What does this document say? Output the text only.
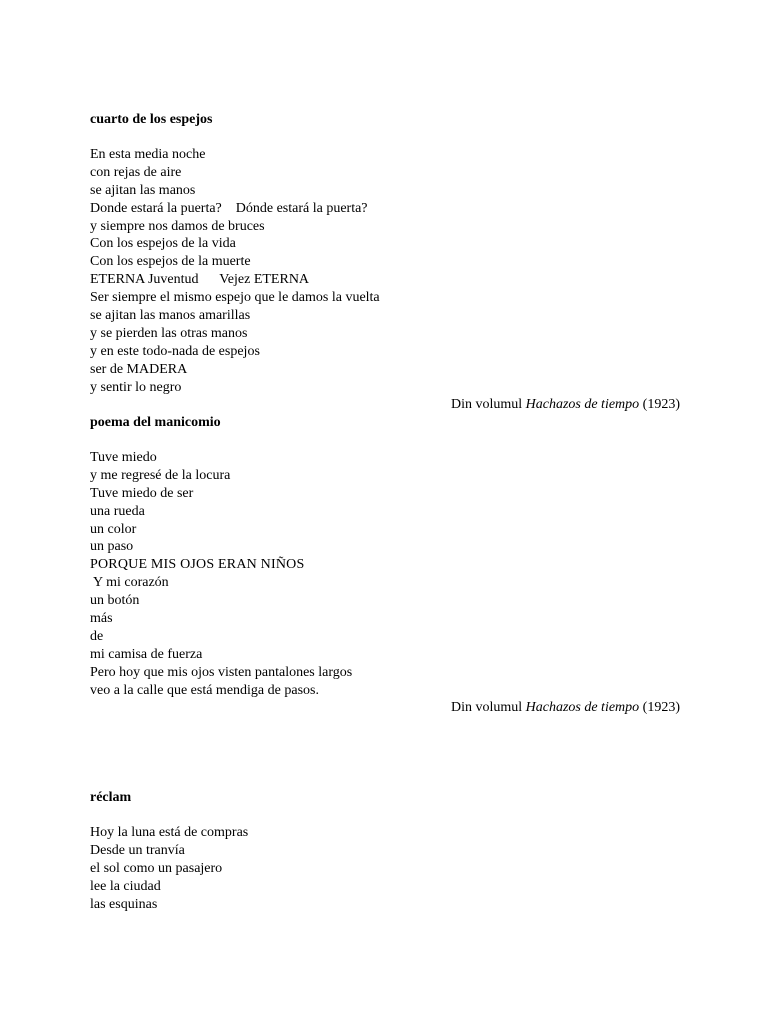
cuarto de los espejos

En esta media noche

con rejas de aire

se ajitan las manos

Donde estará la puerta?    Dónde estará la puerta?

y siempre nos damos de bruces

Con los espejos de la vida

Con los espejos de la muerte

ETERNA Juventud      Vejez ETERNA

Ser siempre el mismo espejo que le damos la vuelta

se ajitan las manos amarillas

y se pierden las otras manos

y en este todo-nada de espejos

ser de MADERA

y sentir lo negro

Din volumul Hachazos de tiempo (1923)

poema del manicomio

Tuve miedo

y me regresé de la locura

Tuve miedo de ser

una rueda

un color

un paso

PORQUE MIS OJOS ERAN NIÑOS

Y mi corazón

un botón

más

de

mi camisa de fuerza

Pero hoy que mis ojos visten pantalones largos

veo a la calle que está mendiga de pasos.

Din volumul Hachazos de tiempo (1923)

réclam

Hoy la luna está de compras

Desde un tranvía

el sol como un pasajero

lee la ciudad

las esquinas
